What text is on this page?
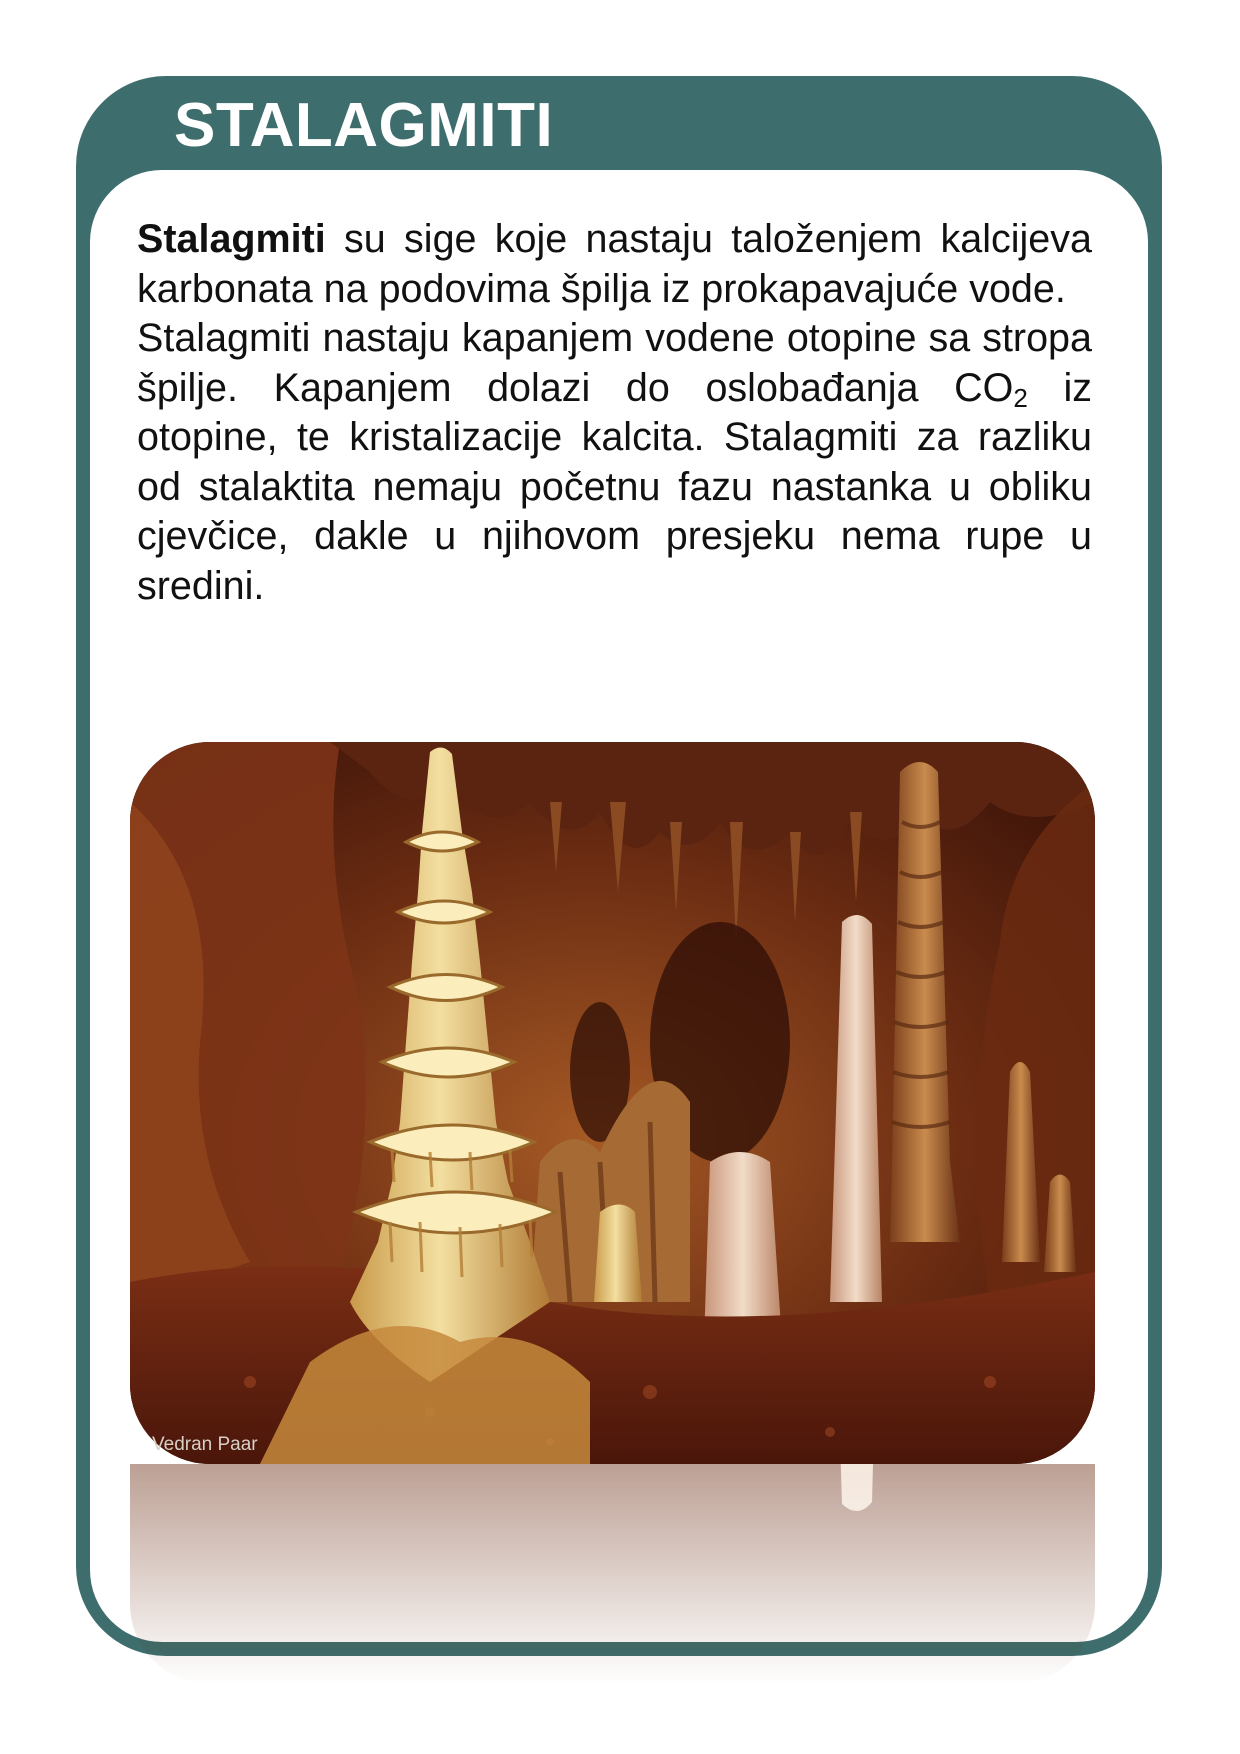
STALAGMITI

Stalagmiti su sige koje nastaju taloženjem kalcijeva karbonata na podovima špilja iz prokapavajuće vode.

Stalagmiti nastaju kapanjem vodene otopine sa stropa špilje. Kapanjem dolazi do oslobađanja $CO_2$ iz otopine, te kristalizacije kalcita. Stalagmiti za razliku od stalaktita nemaju početnu fazu nastanka u obliku cjevčice, dakle u njihovom presjeku nema rupe u sredini.

Vedran Paar
